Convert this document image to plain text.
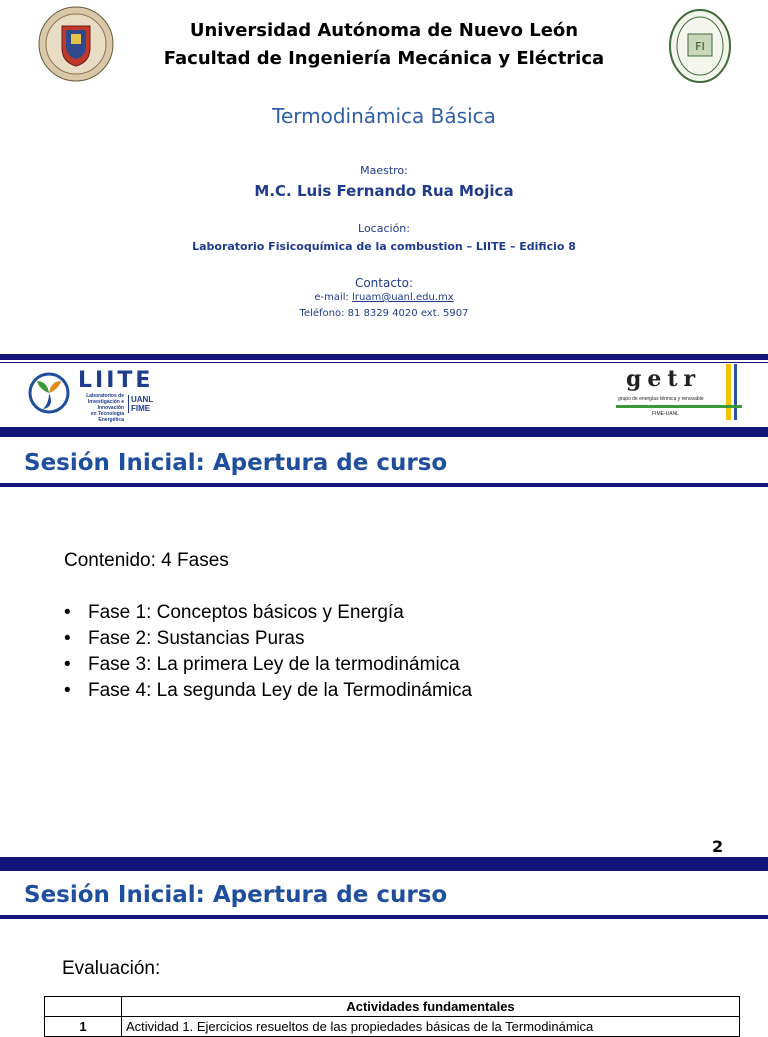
FI
Universidad Autónoma de Nuevo León
Facultad de Ingeniería Mecánica y Eléctrica
Termodinámica Básica
Maestro:
M.C. Luis Fernando Rua Mojica
Locación:
Laboratorio Fisicoquímica de la combustion – LIITE – Edificio 8
Contacto:
e-mail: lruam@uanl.edu.mx
Teléfono: 81 8329 4020 ext. 5907
LIITE
Laboratorios de
Investigación e Innovación
en Tecnología Energética
UANL
FIME
getr
grupo de energías térmica y renovable
FIME-UANL
Sesión Inicial: Apertura de curso
Contenido: 4 Fases
• Fase 1: Conceptos básicos y Energía
• Fase 2: Sustancias Puras
• Fase 3: La primera Ley de la termodinámica
• Fase 4: La segunda Ley de la Termodinámica
2
Sesión Inicial: Apertura de curso
Evaluación:
	Actividades fundamentales
1	Actividad 1. Ejercicios resueltos de las propiedades básicas de la Termodinámica
